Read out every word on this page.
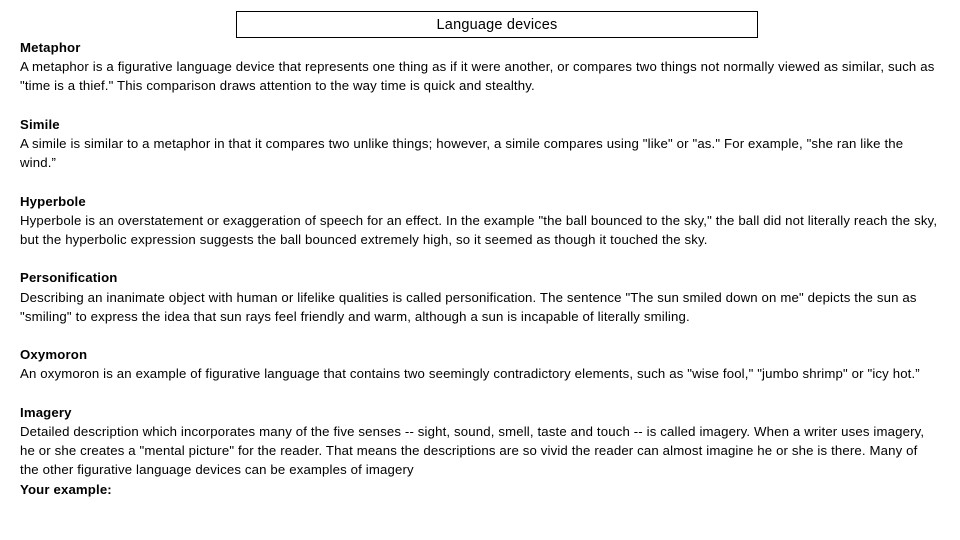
Language devices
Metaphor
A metaphor is a figurative language device that represents one thing as if it were another, or compares two things not normally viewed as similar, such as "time is a thief." This comparison draws attention to the way time is quick and stealthy.
Simile
A simile is similar to a metaphor in that it compares two unlike things; however, a simile compares using "like" or "as." For example, "she ran like the wind.”
Hyperbole
Hyperbole is an overstatement or exaggeration of speech for an effect. In the example "the ball bounced to the sky," the ball did not literally reach the sky, but the hyperbolic expression suggests the ball bounced extremely high, so it seemed as though it touched the sky.
Personification
Describing an inanimate object with human or lifelike qualities is called personification. The sentence "The sun smiled down on me" depicts the sun as "smiling" to express the idea that sun rays feel friendly and warm, although a sun is incapable of literally smiling.
Oxymoron
An oxymoron is an example of figurative language that contains two seemingly contradictory elements, such as "wise fool," "jumbo shrimp" or "icy hot.”
Imagery
Detailed description which incorporates many of the five senses -- sight, sound, smell, taste and touch -- is called imagery. When a writer uses imagery, he or she creates a "mental picture" for the reader. That means the descriptions are so vivid the reader can almost imagine he or she is there. Many of the other figurative language devices can be examples of imagery
Your example:
